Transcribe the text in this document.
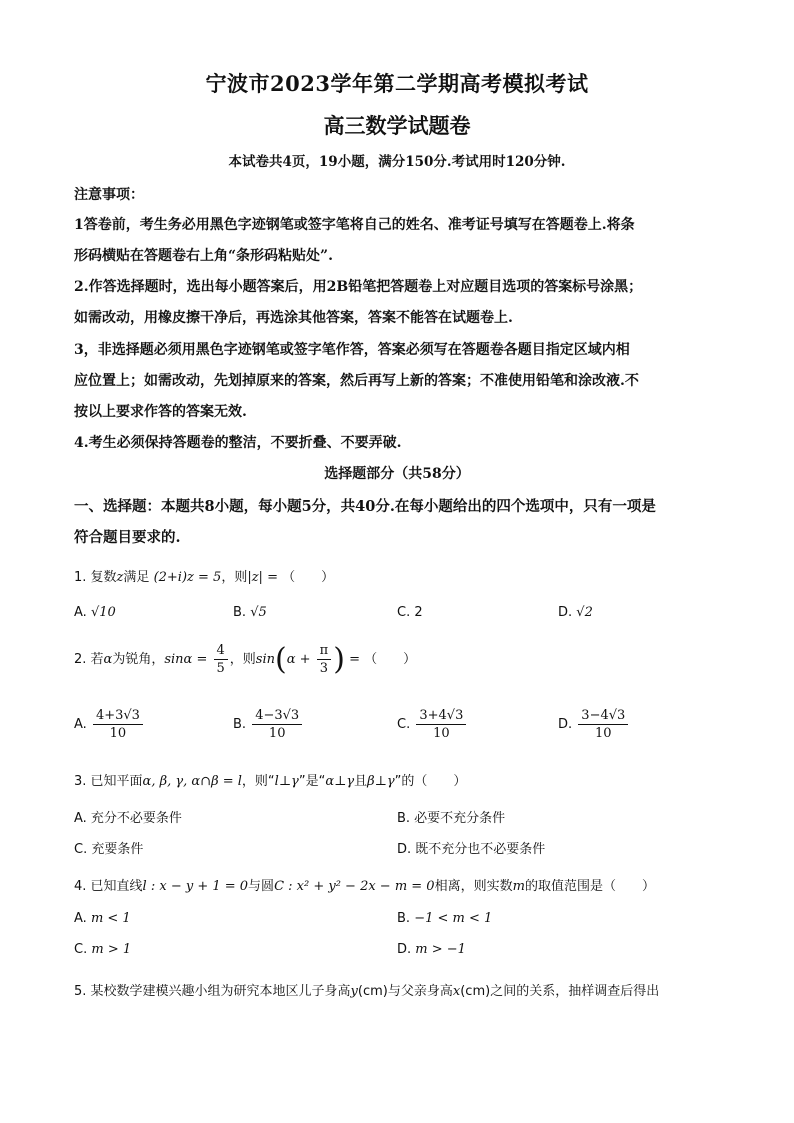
宁波市2023学年第二学期高考模拟考试
高三数学试题卷
本试卷共4页，19小题，满分150分.考试用时120分钟.
注意事项：
1答卷前，考生务必用黑色字迹钢笔或签字笔将自己的姓名、准考证号填写在答题卷上.将条
形码横贴在答题卷右上角“条形码粘贴处”.
2.作答选择题时，选出每小题答案后，用2B铅笔把答题卷上对应题目选项的答案标号涂黑；
如需改动，用橡皮擦干净后，再选涂其他答案，答案不能答在试题卷上.
3，非选择题必须用黑色字迹钢笔或签字笔作答，答案必须写在答题卷各题目指定区域内相
应位置上；如需改动，先划掉原来的答案，然后再写上新的答案；不准使用铅笔和涂改液.不
按以上要求作答的答案无效.
4.考生必须保持答题卷的整洁，不要折叠、不要弄破.
选择题部分（共58分）
一、选择题：本题共8小题，每小题5分，共40分.在每小题给出的四个选项中，只有一项是
符合题目要求的.
1. 复数z满足 (2+i)z = 5，则|z| = （　　）
A. √10	B. √5	C. 2	D. √2
2. 若α为锐角，$\sin\alpha = \frac{4}{5}$ ，则$\sin(\alpha + \frac{\pi}{3}$ ) = （　　）
A. $\frac{4+3√3}{10}$	B. $\frac{4-3√3}{10}$	C. $\frac{3+4√3}{10}$	D. $\frac{3-4√3}{10}$
3. 已知平面α, β, γ, α∩β = l，则“l⊥γ”是“α⊥γ且β⊥γ”的（　　）
A. 充分不必要条件	B. 必要不充分条件
C. 充要条件	D. 既不充分也不必要条件
4. 已知直线l : x − y + 1 = 0与圆C : x² + y² − 2x − m = 0相离，则实数m的取值范围是（　　）
A. m < 1	B. −1 < m < 1
C. m > 1	D. m > −1
5. 某校数学建模兴趣小组为研究本地区儿子身高y(cm)与父亲身高x(cm)之间的关系，抽样调查后得出
